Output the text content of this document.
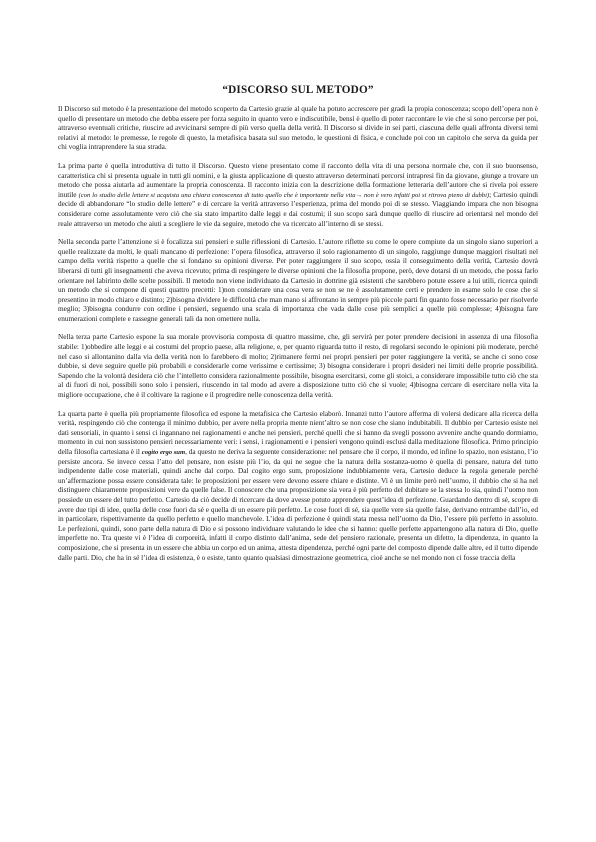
“DISCORSO SUL METODO”

Il Discorso sul metodo è la presentazione del metodo scoperto da Cartesio grazie al quale ha potuto accrescere per gradi la propia conoscenza; scopo dell’opera non è quello di presentare un metodo che debba essere per forza seguito in quanto vero e indiscutibile, bensì è quello di poter raccontare le vie che si sono percorse per poi, attraverso eventuali critiche, riuscire ad avvicinarsi sempre di più verso quella della verità. Il Discorso si divide in sei parti, ciascuna delle quali affronta diversi temi relativi al metodo: le premesse, le regole di questo, la metafisica basata sul suo metodo, le questioni di fisica, e conclude poi con un capitolo che serva da guida per chi voglia intraprendere la sua strada.

La prima parte è quella introduttiva di tutto il Discorso. Questo viene presentato come il racconto della vita di una persona normale che, con il suo buonsenso, caratteristica chi si presenta uguale in tutti gli uomini, e la giusta applicazione di questo attraverso determinati percorsi intrapresi fin da giovane, giunge a trovare un metodo che possa aiutarla ad aumentare la propria conoscenza. Il racconto inizia con la descrizione della formazione letteraria dell’autore che si rivela poi essere inutile (con lo studio delle lettere si acquista una chiara conoscenza di tutto quello che è importante nella vita→ non è vero infatti poi si ritrova pieno di dubbi); Cartesio quindi decide di abbandonare “lo studio delle lettere” e di cercare la verità attraverso l’esperienza, prima del mondo poi di se stesso. Viaggiando impara che non bisogna considerare come assolutamente vero ciò che sia stato impartito dalle leggi e dai costumi; il suo scopo sarà dunque quello di riuscire ad orientarsi nel mondo del reale attraverso un metodo che aiuti a scegliere le vie da seguire, metodo che va ricercato all’interno di se stessi.

Nella seconda parte l’attenzione si è focalizza sui pensieri e sulle riflessioni di Cartesio. L’autore riflette su come le opere compiute da un singolo siano superiori a quelle realizzate da molti, le quali mancano di perfezione: l’opera filosofica, attraverso il solo ragionamento di un singolo, raggiunge dunque maggiori risultati nel campo della verità rispetto a quelle che si fondano su opinioni diverse. Per poter raggiungere il suo scopo, ossia il conseguimento della verità, Cartesio dovrà liberarsi di tutti gli insegnamenti che aveva ricevuto; prima di respingere le diverse opinioni che la filosofia propone, però, deve dotarsi di un metodo, che possa farlo orientare nel labirinto delle scelte possibili. Il metodo non viene individuato da Cartesio in dottrine già esistenti che sarebbero potute essere a lui utili, ricerca quindi un metodo che si compone di questi quattro precetti: 1)non considerare una cosa vera se non se ne è assolutamente certi e prendere in esame solo le cose che si presentino in modo chiaro e distinto; 2)bisogna dividere le difficoltà che man mano si affrontano in sempre più piccole parti fin quanto fosse necessario per risolverle meglio; 3)bisogna condurre con ordine i pensieri, seguendo una scala di importanza che vada dalle cose più semplici a quelle più complesse; 4)bisogna fare enumerazioni complete e rassegne generali tali da non omettere nulla.

Nella terza parte Cartesio espone la sua morale provvisoria composta di quattro massime, che, gli servirà per poter prendere decisioni in assenza di una filosofia stabile: 1)obbedire alle leggi e ai costumi del proprio paese, alla religione, e, per quanto riguarda tutto il resto, di regolarsi secondo le opinioni più moderate, perché nel caso si allontanino dalla via della verità non lo farebbero di molto; 2)rimanere fermi nei propri pensieri per poter raggiungere la verità, se anche ci sono cose dubbie, si deve seguire quelle più probabili e considerarle come verissime e certissime; 3) bisogna considerare i propri desideri nei limiti delle proprie possibilità. Sapendo che la volontà desidera ciò che l’intelletto considera razionalmente possibile, bisogna esercitarsi, come gli stoici, a considerare impossibile tutto ciò che sta al di fuori di noi, possibili sono solo i pensieri, riuscendo in tal modo ad avere a disposizione tutto ciò che si vuole; 4)bisogna cercare di esercitare nella vita la migliore occupazione, che è il coltivare la ragione e il progredire nelle conoscenza della verità.

La quarta parte è quella più propriamente filosofica ed espone la metafisica che Cartesio elaborò. Innanzi tutto l’autore afferma di volersi dedicare alla ricerca della verità, respingendo ciò che contenga il minimo dubbio, per avere nella propria mente nient’altro se non cose che siano indubitabili. Il dubbio per Cartesio esiste nei dati sensoriali, in quanto i sensi ci ingannano nei ragionamenti e anche nei pensieri, perché quelli che si hanno da svegli possono avvenire anche quando dormiamo, momento in cui non sussistono pensieri necessariamente veri: i sensi, i ragionamenti e i pensieri vengono quindi esclusi dalla meditazione filosofica. Primo principio della filosofia cartesiana è il cogito ergo sum, da questo ne deriva la seguente considerazione: nel pensare che il corpo, il mondo, ed infine lo spazio, non esistano, l’io persiste ancora. Se invece cessa l’atto del pensare, non esiste più l’io, da qui ne segue che la natura della sostanza-uomo è quella di pensare, natura del tutto indipendente dalle cose materiali, quindi anche dal corpo. Dal cogito ergo sum, proposizione indubbiamente vera, Cartesio deduce la regola generale perché un’affermazione possa essere considerata tale: le proposizioni per essere vere devono essere chiare e distinte. Vi è un limite però nell’uomo, il dubbio che si ha nel distinguere chiaramente proposizioni vere da quelle false. Il conoscere che una proposizione sia vera è più perfetto del dubitare se la stessa lo sia, quindi l’uomo non possiede un essere del tutto perfetto. Cartesio da ciò decide di ricercare da dove avesse potuto apprendere quest’idea di perfezione. Guardando dentro di sé, scopre di avere due tipi di idee, quella delle cose fuori da sé e quella di un essere più perfetto. Le cose fuori di sé, sia quelle vere sia quelle false, derivano entrambe dall’io, ed in particolare, rispettivamente da quello perfetto e quello manchevole. L’idea di perfezione è quindi stata messa nell’uomo da Dio, l’essere più perfetto in assoluto. Le perfezioni, quindi, sono parte della natura di Dio e si possono individuare valutando le idee che si hanno: quelle perfette appartengono alla natura di Dio, quelle imperfette no. Tra queste vi è l’idea di corporeità, infatti il corpo distinto dall’anima, sede del pensiero razionale, presenta un difetto, la dipendenza, in quanto la composizione, che si presenta in un essere che abbia un corpo ed un anima, attesta dipendenza, perché ogni parte del composto dipende dalle altre, ed il tutto dipende dalle parti. Dio, che ha in sé l’idea di esistenza, è o esiste, tanto quanto qualsiasi dimostrazione geometrica, cioè anche se nel mondo non ci fosse traccia della
